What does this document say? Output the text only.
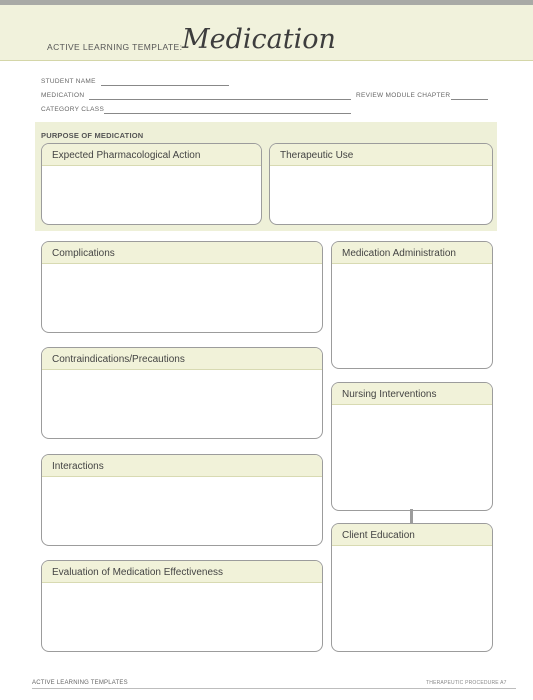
ACTIVE LEARNING TEMPLATE: Medication
STUDENT NAME
MEDICATION	REVIEW MODULE CHAPTER
CATEGORY CLASS
PURPOSE OF MEDICATION
Expected Pharmacological Action	Therapeutic Use
Complications
Contraindications/Precautions
Interactions
Evaluation of Medication Effectiveness
Medication Administration
Nursing Interventions
Client Education
ACTIVE LEARNING TEMPLATES	THERAPEUTIC PROCEDURE A7
